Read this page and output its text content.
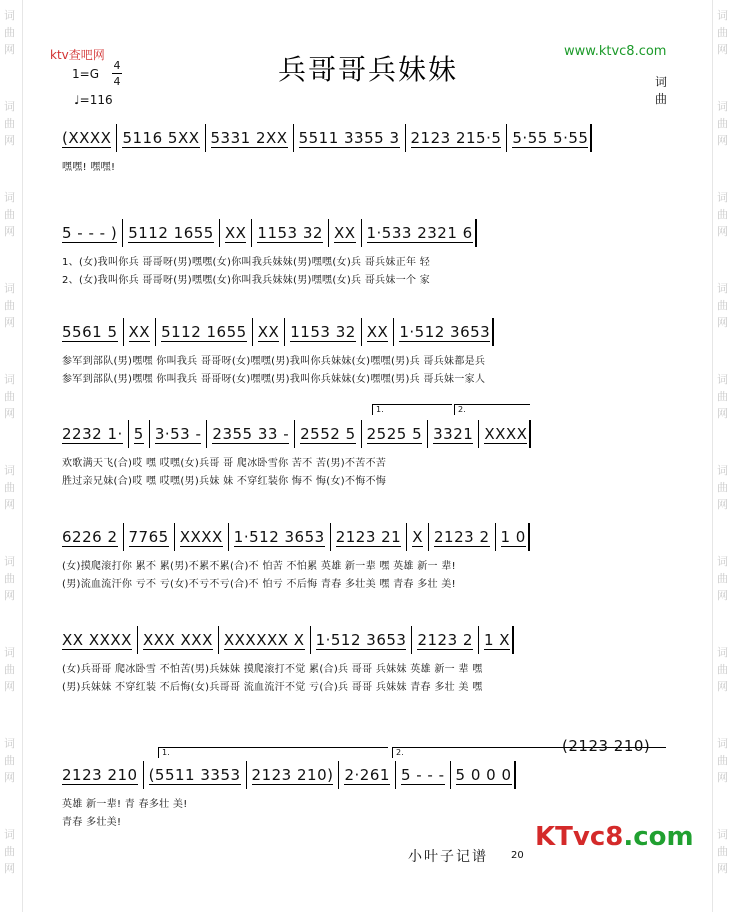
词
曲
网
词
曲
网
词
曲
网
词
曲
网
词
曲
网
词
曲
网
词
曲
网
词
曲
网
词
曲
网
词
曲
网
词
曲
网
词
曲
网
词
曲
网
词
曲
网
词
曲
网
词
曲
网
词
曲
网
词
曲
网
词
曲
网
词
曲
网
ktv查吧网	www.ktvc8.com
兵哥哥兵妹妹
1=G
4
4
♩=116
词
曲
(XXXX 5116 5XX 5331 2XX 5511 3355 3 2123 215·5 5·55 5·55
嘿嘿! 嘿嘿!
5 - - - ) 5112 1655 XX 1153 32 XX 1·533 2321 6
1、(女)我叫你兵 哥哥呀(男)嘿嘿(女)你叫我兵妹妹(男)嘿嘿(女)兵 哥兵妹正年 轻
2、(女)我叫你兵 哥哥呀(男)嘿嘿(女)你叫我兵妹妹(男)嘿嘿(女)兵 哥兵妹一个 家
5561 5 XX 5112 1655 XX 1153 32 XX 1·512 3653
参军到部队(男)嘿嘿 你叫我兵 哥哥呀(女)嘿嘿(男)我叫你兵妹妹(女)嘿嘿(男)兵 哥兵妹都是兵
参军到部队(男)嘿嘿 你叫我兵 哥哥呀(女)嘿嘿(男)我叫你兵妹妹(女)嘿嘿(男)兵 哥兵妹一家人
2232 1· 5 3·53 - 2355 33 - 2552 5 2525 5 3321 XXXX
1.	2.
欢歌满天飞(合)哎 嘿 哎嘿(女)兵哥 哥 爬冰卧雪你 苦不 苦(男)不苦不苦
胜过亲兄妹(合)哎 嘿 哎嘿(男)兵妹 妹 不穿红装你 悔不 悔(女)不悔不悔
6226 2 7765 XXXX 1·512 3653 2123 21 X 2123 2 1 0
(女)摸爬滚打你 累不 累(男)不累不累(合)不 怕苦 不怕累 英雄 新一辈 嘿 英雄 新一 辈!
(男)流血流汗你 亏不 亏(女)不亏不亏(合)不 怕亏 不后悔 青春 多壮美 嘿 青春 多壮 美!
XX XXXX XXX XXX XXXXXX X 1·512 3653 2123 2 1 X
(女)兵哥哥 爬冰卧雪 不怕苦(男)兵妹妹 摸爬滚打不觉 累(合)兵 哥哥 兵妹妹 英雄 新一 辈 嘿
(男)兵妹妹 不穿红装 不后悔(女)兵哥哥 流血流汗不觉 亏(合)兵 哥哥 兵妹妹 青春 多壮 美 嘿
2123 210 (5511 3353 2123 210) 2·261 5 - - - 5 0 0 0
1.	2.	(2123 210)
英雄 新一辈! 青 春多壮 美!
青春 多壮美!
小叶子记谱 20
KTvc8.com
